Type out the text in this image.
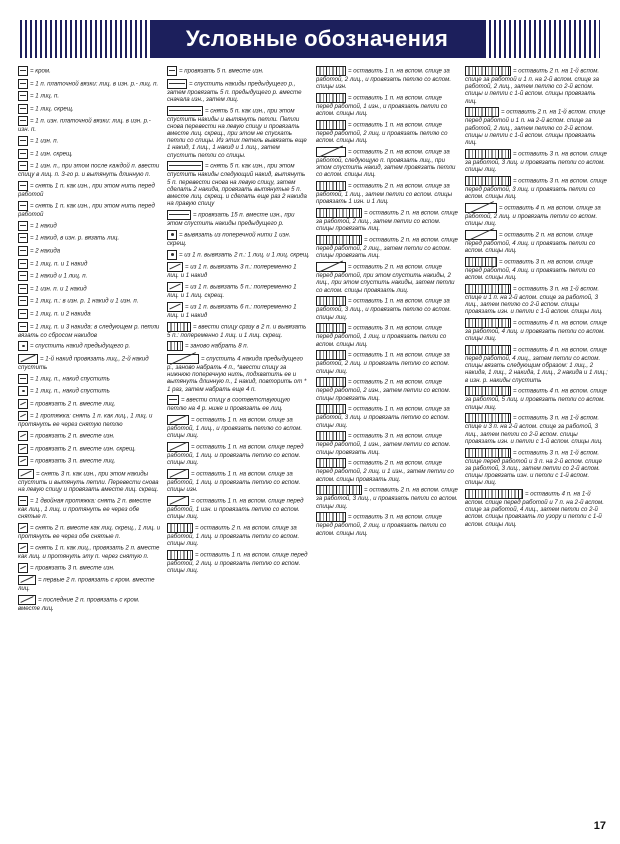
Условные обозначения
= кром.
= 1 п. платочной вязки: лиц. в изн. р.- лиц. п.
= 1 лиц. п.
= 1 лиц. скрещ.
= 1 п. изн. платочной вязки: лиц. в изн. р.- изн. п.
= 1 изн. п.
= 1 изн. скрещ.
= 1 изн. п., при этом после каждой п. ввести спицу в лиц. п. 3-го р. и вытянуть длинную п.
= снять 1 п. как изн., при этом нить перед работой
= снять 1 п. как изн., при этом нить перед работой
= 1 накид
= 1 накид, в изн. р. вязать лиц.
= 2 накида
= 1 лиц. п. и 1 накид
= 1 накид и 1 лиц. п.
= 1 изн. п. и 1 накид
= 1 лиц. п.: в изн. р. 1 накид и 1 изн. п.
= 1 лиц. п. и 2 накида
= 1 лиц. п. и 3 накида: в следующем р. петли вязать со сбросом накидов
= спустить накид предыдущего р.
= 1-й накид провязать лиц., 2-й накид спустить
= 1 лиц. п., накид спустить
= 1 лиц. п., накид спустить
= провязать 2 п. вместе лиц.
= 1 протяжка: снять 1 п. как лиц., 1 лиц. и протянуть ее через снятую петлю
= провязать 2 п. вместе изн.
= провязать 2 п. вместе изн. скрещ.
= провязать 3 п. вместе лиц.
= снять 3 п. как изн., при этом накиды спустить и вытянуть петли. Перевести снова на левую спицу и провязать вместе лиц. скрещ.
= 1 двойная протяжка: снять 2 п. вместе как лиц., 1 лиц. и протянуть ее через обе снятые п.
= снять 2 п. вместе как лиц. скрещ., 1 лиц. и протянуть ее через обе снятые п.
= снять 1 п. как лиц., провязать 2 п. вместе как лиц. и протянуть эту п. через снятую п.
= провязать 3 п. вместе изн.
= первые 2 п. провязать с кром. вместе лиц.
= последние 2 п. провязать с кром. вместе лиц.
= провязать 5 п. вместе изн.
= спустить накиды предыдущего р., затем провязать 5 п. предыдущего р. вместе сначала изн., затем лиц.
= снять 5 п. как изн., при этом спустить накиды и вытянуть петли. Петли снова перевести на левую спицу и провязать вместе лиц. скрещ., при этом не спускать петли со спицы. Из этих петель вывязать еще 1 накид, 1 лиц., 1 накид и 1 лиц., затем спустить петли со спицы.
= снять 5 п. как изн., при этом спустить накиды следующий накид, вытянуть 5 п. перевести снова на левую спицу, затем сделать 2 накида, провязать вытянутые 5 п. вместе лиц. скрещ. и сделать еще раз 2 накида на правую спицу
= провязать 15 п. вместе изн., при этом спустить накиды предыдущего р.
= вывязать из поперечной нити 1 изн. скрещ.
= из 1 п. вывязать 2 п.: 1 лиц. и 1 лиц. скрещ.
= из 1 п. вывязать 3 п.: попеременно 1 лиц. и 1 накид
= из 1 п. вывязать 5 п.: попеременно 1 лиц. и 1 лиц. скрещ.
= из 1 п. вывязать 6 п.: попеременно 1 лиц. и 1 накид
= ввести спицу сразу в 2 п. и вывязать 5 п.: попеременно 1 лиц. и 1 лиц. скрещ.
= заново набрать 8 п.
= спустить 4 накида предыдущего р., заново набрать 4 п., *ввести спицу за нижнюю поперечную нить, подхватить ее и вытянуть длинную п., 1 накид, повторить от * 1 раз, затем набрать еще 4 п.
= ввести спицу в соответствующую петлю на 4 р. ниже и провязать ее лиц.
= оставить 1 п. на вспом. спице за работой, 1 лиц., и провязать петлю со вспом. спицы лиц.
= оставить 1 п. на вспом. спице перед работой, 1 лиц. и провязать петлю со вспом. спицы лиц.
= оставить 1 п. на вспом. спице за работой, 1 лиц. и провязать петлю со вспом. спицы изн.
= оставить 1 п. на вспом. спице перед работой, 1 изн. и провязать петлю со вспом. спицы лиц.
= оставить 2 п. на вспом. спице за работой, 1 лиц. и провязать петли со вспом. спицы лиц.
= оставить 1 п. на вспом. спице перед работой, 2 лиц. и провязать петлю со вспом. спицы лиц.
= оставить 1 п. на вспом. спице за работой, 2 лиц., и провязать петлю со вспом. спицы изн.
= оставить 1 п. на вспом. спице перед работой, 1 изн., и провязать петли со вспом. спицы лиц.
= оставить 1 п. на вспом. спице перед работой, 2 лиц. и провязать петлю со вспом. спицы лиц.
= оставить 2 п. на вспом. спице за работой, следующую п. провязать лиц., при этом спустить накид, затем провязать петли со вспом. спицы лиц.
= оставить 2 п. на вспом. спице за работой, 1 лиц., затем петли со вспом. спицы провязать 1 изн. и 1 лиц.
= оставить 2 п. на вспом. спице за работой, 2 лиц., затем петли со вспом. спицы провязать лиц.
= оставить 2 п. на вспом. спице перед работой, 2 лиц., затем петли со вспом. спицы провязать лиц.
= оставить 2 п. на вспом. спице перед работой, при этом спустить накиды, 2 лиц., при этом спустить накиды, затем петли со вспом. спицы провязать лиц.
= оставить 1 п. на вспом. спице за работой, 3 лиц., и провязать петлю со вспом. спицы лиц.
= оставить 3 п. на вспом. спице перед работой, 1 лиц. и провязать петли со вспом. спицы лиц.
= оставить 1 п. на вспом. спице за работой, 2 лиц. и провязать петлю со вспом. спицы лиц.
= оставить 2 п. на вспом. спице перед работой, 2 изн., затем петли со вспом. спицы провязать лиц.
= оставить 1 п. на вспом. спице за работой, 3 лиц. и провязать петлю со вспом. спицы лиц.
= оставить 3 п. на вспом. спице перед работой, 1 изн., затем петли со вспом. спицы провязать лиц.
= оставить 2 п. на вспом. спице перед работой, 2 лиц. и 1 изн., затем петли со вспом. спицы провязать лиц.
= оставить 2 п. на вспом. спице за работой, 3 лиц., и провязать петли со вспом. спицы лиц.
= оставить 3 п. на вспом. спице перед работой, 2 лиц. и провязать петли со вспом. спицы лиц.
= оставить 2 п. на 1-й вспом. спице за работой и 1 п. на 2-й вспом. спице за работой, 2 лиц., затем петлю со 2-й вспом. спицы и петли с 1-й вспом. спицы провязать лиц.
= оставить 2 п. на 1-й вспом. спице перед работой и 1 п. на 2-й вспом. спице за работой, 2 лиц., затем петлю со 2-й вспом. спицы и петли с 1-й вспом. спицы провязать лиц.
= оставить 3 п. на вспом. спице за работой, 3 лиц. и провязать петли со вспом. спицы лиц.
= оставить 3 п. на вспом. спице перед работой, 3 лиц. и провязать петли со вспом. спицы лиц.
= оставить 4 п. на вспом. спице за работой, 2 лиц. и провязать петли со вспом. спицы лиц.
= оставить 2 п. на вспом. спице перед работой, 4 лиц. и провязать петли со вспом. спицы лиц.
= оставить 3 п. на вспом. спице перед работой, 4 лиц. и провязать петли со вспом. спицы лиц.
= оставить 3 п. на 1-й вспом. спице и 1 п. на 2-й вспом. спице за работой, 3 лиц., затем петлю со 2-й вспом. спицы провязать изн. и петли с 1-й вспом. спицы лиц.
= оставить 4 п. на вспом. спице за работой, 4 лиц. и провязать петли со вспом. спицы лиц.
= оставить 4 п. на вспом. спице перед работой, 4 лиц., затем петли со вспом. спицы вязать следующим образом: 1 лиц., 2 накида, 1 лиц., 2 накида, 1 лиц., 2 накида и 1 лиц.; в изн. р. накиды спустить
= оставить 4 п. на вспом. спице за работой, 5 лиц. и провязать петли со вспом. спицы лиц.
= оставить 3 п. на 1-й вспом. спице и 3 п. на 2-й вспом. спице за работой, 3 лиц., затем петли со 2-й вспом. спицы провязать изн. и петли с 1-й вспом. спицы лиц.
= оставить 3 п. на 1-й вспом. спице перед работой и 3 п. на 2-й вспом. спице за работой, 3 лиц., затем петли со 2-й вспом. спицы провязать изн. и петли с 1-й вспом. спицы лиц.
= оставить 4 п. на 1-й вспом. спице перед работой и 7 п. на 2-й вспом. спице за работой, 4 лиц., затем петли со 2-й вспом. спицы провязать по узору и петли с 1-й вспом. спицы лиц.
17
